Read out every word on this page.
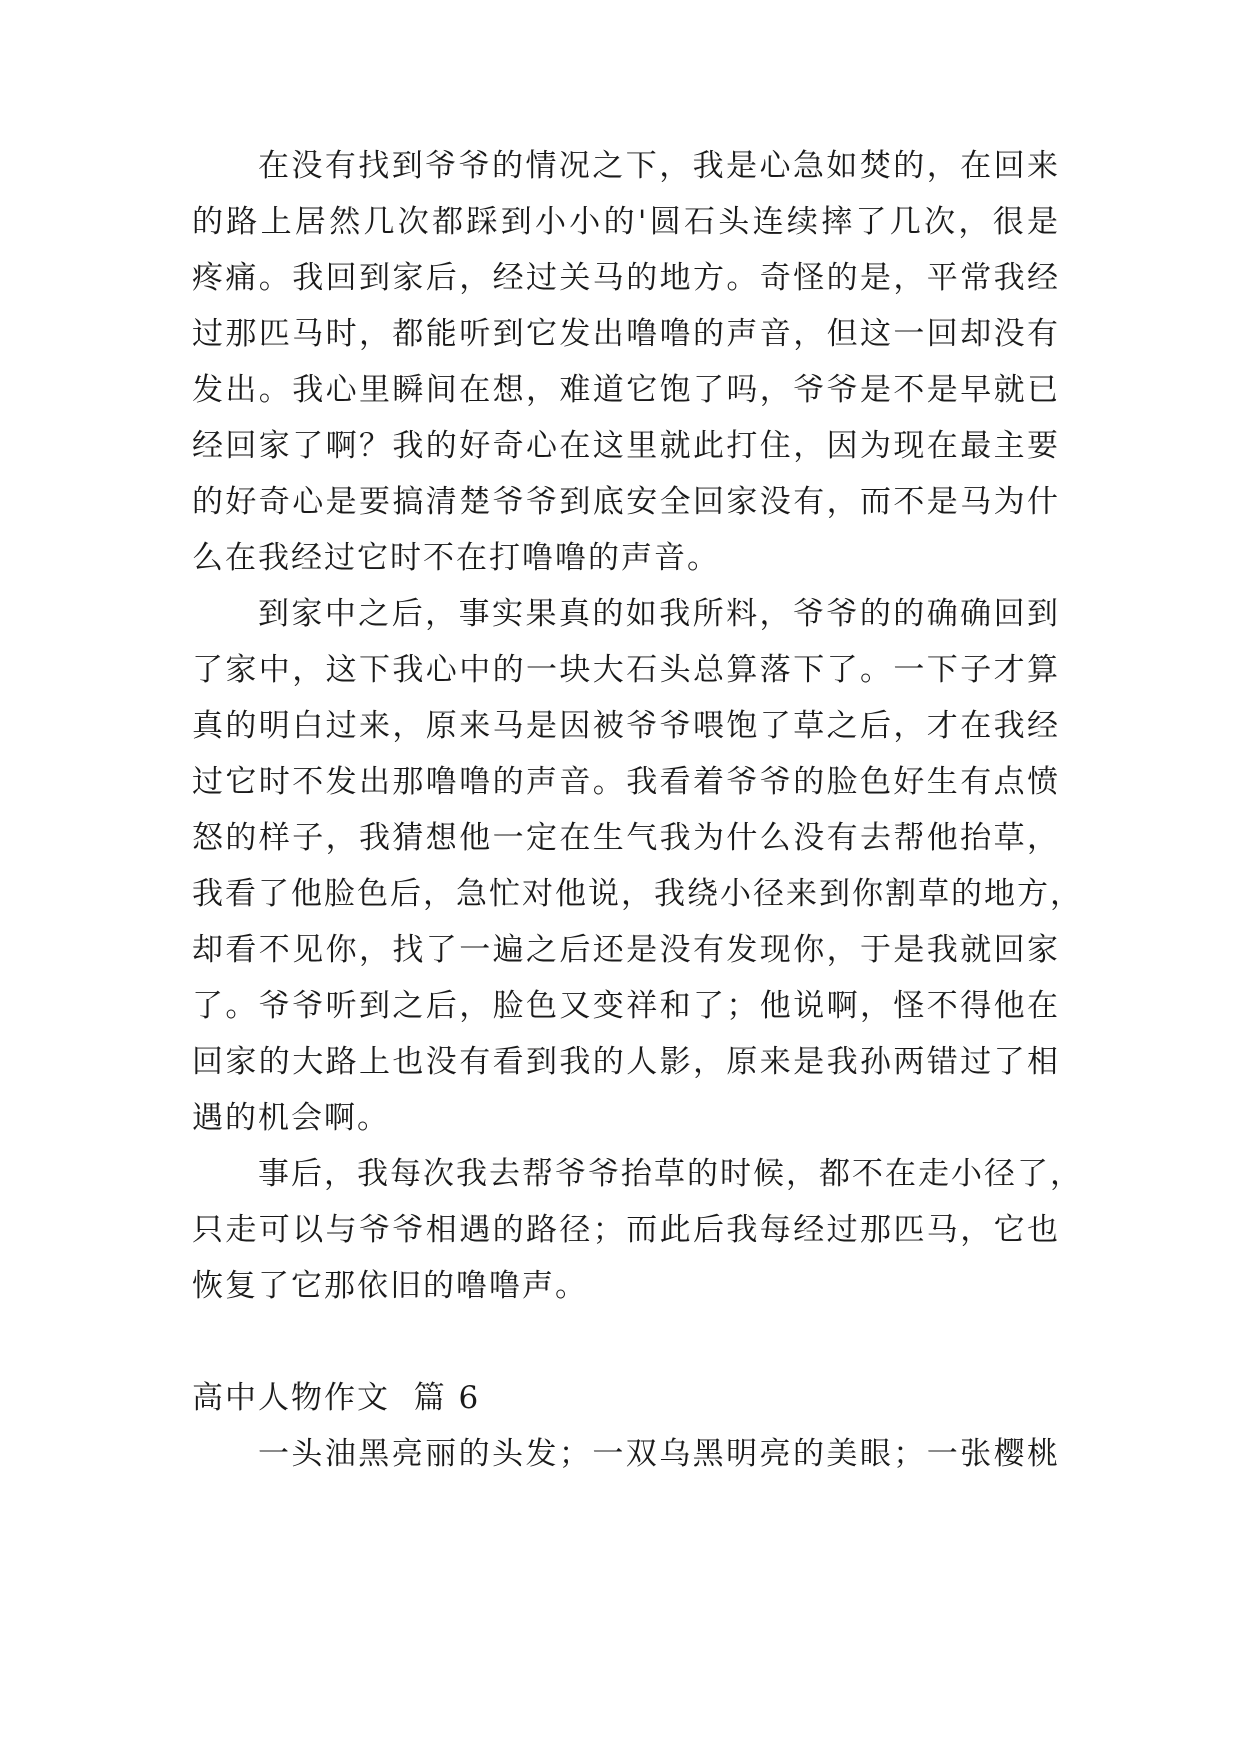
在没有找到爷爷的情况之下，我是心急如焚的，在回来
的路上居然几次都踩到小小的'圆石头连续摔了几次，很是
疼痛。我回到家后，经过关马的地方。奇怪的是，平常我经
过那匹马时，都能听到它发出噜噜的声音，但这一回却没有
发出。我心里瞬间在想，难道它饱了吗，爷爷是不是早就已
经回家了啊？我的好奇心在这里就此打住，因为现在最主要
的好奇心是要搞清楚爷爷到底安全回家没有，而不是马为什
么在我经过它时不在打噜噜的声音。
到家中之后，事实果真的如我所料，爷爷的的确确回到
了家中，这下我心中的一块大石头总算落下了。一下子才算
真的明白过来，原来马是因被爷爷喂饱了草之后，才在我经
过它时不发出那噜噜的声音。我看着爷爷的脸色好生有点愤
怒的样子，我猜想他一定在生气我为什么没有去帮他抬草，
我看了他脸色后，急忙对他说，我绕小径来到你割草的地方，
却看不见你，找了一遍之后还是没有发现你，于是我就回家
了。爷爷听到之后，脸色又变祥和了；他说啊，怪不得他在
回家的大路上也没有看到我的人影，原来是我孙两错过了相
遇的机会啊。
事后，我每次我去帮爷爷抬草的时候，都不在走小径了，
只走可以与爷爷相遇的路径；而此后我每经过那匹马，它也
恢复了它那依旧的噜噜声。
高中人物作文  篇 6
一头油黑亮丽的头发；一双乌黑明亮的美眼；一张樱桃
